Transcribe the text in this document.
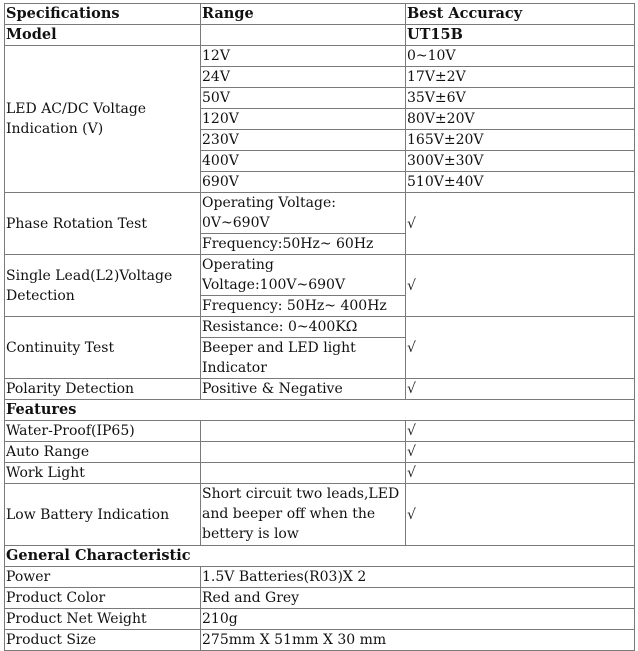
Specifications	Range	Best Accuracy
Model		UT15B
LED AC/DC Voltage Indication (V)	12V	0~10V
	24V	17V±2V
	50V	35V±6V
	120V	80V±20V
	230V	165V±20V
	400V	300V±30V
	690V	510V±40V
Phase Rotation Test	Operating Voltage: 0V~690V	√
	Frequency:50Hz~ 60Hz	
Single Lead(L2)Voltage Detection	Operating Voltage:100V~690V	√
	Frequency: 50Hz~ 400Hz	
Continuity Test	Resistance: 0~400KΩ	√
	Beeper and LED light Indicator	
Polarity Detection	Positive & Negative	√
Features		
Water-Proof(IP65)		√
Auto Range		√
Work Light		√
Low Battery Indication	Short circuit two leads,LED and beeper off when the bettery is low	√
General Characteristic		
Power	1.5V Batteries(R03)X 2	
Product Color	Red and Grey	
Product Net Weight	210g	
Product Size	275mm X 51mm X 30 mm	
